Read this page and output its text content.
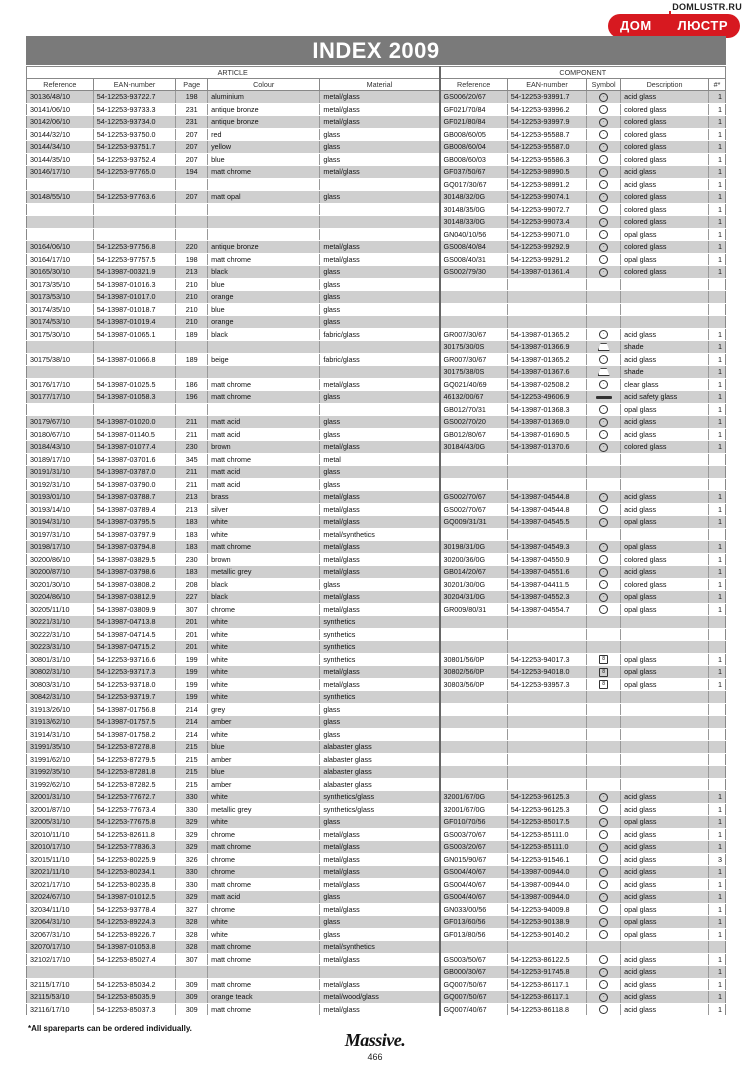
DOMLUSTR.RU
ДОМ ЛЮСТР
INDEX 2009
ARTICLE					COMPONENT				
Reference	EAN-number	Page	Colour	Material	Reference	EAN-number	Symbol	Description	#*
30136/48/10	54-12253-93722.7	198	aluminium	metal/glass	GS006/20/67	54-12253-93991.7	·	acid glass	1
30141/06/10	54-12253-93733.3	231	antique bronze	metal/glass	GF021/70/84	54-12253-93996.2	·	colored glass	1
30142/06/10	54-12253-93734.0	231	antique bronze	metal/glass	GF021/80/84	54-12253-93997.9	·	colored glass	1
30144/32/10	54-12253-93750.0	207	red	glass	GB008/60/05	54-12253-95588.7	·	colored glass	1
30144/34/10	54-12253-93751.7	207	yellow	glass	GB008/60/04	54-12253-95587.0	·	colored glass	1
30144/35/10	54-12253-93752.4	207	blue	glass	GB008/60/03	54-12253-95586.3	·	colored glass	1
30146/17/10	54-12253-97765.0	194	matt chrome	metal/glass	GF037/50/67	54-12253-98990.5	·	acid glass	1
					GQ017/30/67	54-12253-98991.2	·	acid glass	1
30148/55/10	54-12253-97763.6	207	matt opal	glass	30148/32/0G	54-12253-99074.1	·	colored glass	1
					30148/35/0G	54-12253-99072.7	·	colored glass	1
					30148/33/0G	54-12253-99073.4	·	colored glass	1
					GN040/10/56	54-12253-99071.0	·	opal glass	1
30164/06/10	54-12253-97756.8	220	antique bronze	metal/glass	GS008/40/84	54-12253-99292.9	·	colored glass	1
30164/17/10	54-12253-97757.5	198	matt chrome	metal/glass	GS008/40/31	54-12253-99291.2	·	opal glass	1
30165/30/10	54-13987-00321.9	213	black	glass	GS002/79/30	54-13987-01361.4	·	colored glass	1
30173/35/10	54-13987-01016.3	210	blue	glass					
30173/53/10	54-13987-01017.0	210	orange	glass					
30174/35/10	54-13987-01018.7	210	blue	glass					
30174/53/10	54-13987-01019.4	210	orange	glass					
30175/30/10	54-13987-01065.1	189	black	fabric/glass	GR007/30/67	54-13987-01365.2	·	acid glass	1
					30175/30/0S	54-13987-01366.9		shade	1
30175/38/10	54-13987-01066.8	189	beige	fabric/glass	GR007/30/67	54-13987-01365.2	·	acid glass	1
					30175/38/0S	54-13987-01367.6		shade	1
30176/17/10	54-13987-01025.5	186	matt chrome	metal/glass	GQ021/40/69	54-13987-02508.2	·	clear glass	1
30177/17/10	54-13987-01058.3	196	matt chrome	glass	46132/00/67	54-12253-49606.9		acid safety glass	1
					GB012/70/31	54-13987-01368.3	·	opal glass	1
30179/67/10	54-13987-01020.0	211	matt acid	glass	GS002/70/20	54-13987-01369.0	·	acid glass	1
30180/67/10	54-13987-01140.5	211	matt acid	glass	GB012/80/67	54-13987-01690.5	·	acid glass	1
30184/43/10	54-13987-01077.4	230	brown	metal/glass	30184/43/0G	54-13987-01370.6	·	colored glass	1
30189/17/10	54-13987-03701.6	345	matt chrome	metal					
30191/31/10	54-13987-03787.0	211	matt acid	glass					
30192/31/10	54-13987-03790.0	211	matt acid	glass					
30193/01/10	54-13987-03788.7	213	brass	metal/glass	GS002/70/67	54-13987-04544.8	·	acid glass	1
30193/14/10	54-13987-03789.4	213	silver	metal/glass	GS002/70/67	54-13987-04544.8	·	acid glass	1
30194/31/10	54-13987-03795.5	183	white	metal/glass	GQ009/31/31	54-13987-04545.5	·	opal glass	1
30197/31/10	54-13987-03797.9	183	white	metal/synthetics					
30198/17/10	54-13987-03794.8	183	matt chrome	metal/glass	30198/31/0G	54-13987-04549.3	·	opal glass	1
30200/86/10	54-13987-03829.5	230	brown	metal/glass	30200/36/0G	54-13987-04550.9	·	colored glass	1
30200/87/10	54-13987-03798.6	183	metallic grey	metal/glass	GB014/20/67	54-13987-04551.6	·	acid glass	1
30201/30/10	54-13987-03808.2	208	black	glass	30201/30/0G	54-13987-04411.5	·	colored glass	1
30204/86/10	54-13987-03812.9	227	black	metal/glass	30204/31/0G	54-13987-04552.3	·	opal glass	1
30205/11/10	54-13987-03809.9	307	chrome	metal/glass	GR009/80/31	54-13987-04554.7	·	opal glass	1
30221/31/10	54-13987-04713.8	201	white	synthetics					
30222/31/10	54-13987-04714.5	201	white	synthetics					
30223/31/10	54-13987-04715.2	201	white	synthetics					
30801/31/10	54-12253-93716.6	199	white	synthetics	30801/56/0P	54-12253-94017.3	8	opal glass	1
30802/31/10	54-12253-93717.3	199	white	metal/glass	30802/56/0P	54-12253-94018.0	8	opal glass	1
30803/31/10	54-12253-93718.0	199	white	metal/glass	30803/56/0P	54-12253-93957.3	8	opal glass	1
30842/31/10	54-12253-93719.7	199	white	synthetics					
31913/26/10	54-13987-01756.8	214	grey	glass					
31913/62/10	54-13987-01757.5	214	amber	glass					
31914/31/10	54-13987-01758.2	214	white	glass					
31991/35/10	54-12253-87278.8	215	blue	alabaster glass					
31991/62/10	54-12253-87279.5	215	amber	alabaster glass					
31992/35/10	54-12253-87281.8	215	blue	alabaster glass					
31992/62/10	54-12253-87282.5	215	amber	alabaster glass					
32001/31/10	54-12253-77672.7	330	white	synthetics/glass	32001/67/0G	54-12253-96125.3	·	acid glass	1
32001/87/10	54-12253-77673.4	330	metallic grey	synthetics/glass	32001/67/0G	54-12253-96125.3	·	acid glass	1
32005/31/10	54-12253-77675.8	329	white	glass	GF010/70/56	54-12253-85017.5	·	opal glass	1
32010/11/10	54-12253-82611.8	329	chrome	metal/glass	GS003/70/67	54-12253-85111.0	·	acid glass	1
32010/17/10	54-12253-77836.3	329	matt chrome	metal/glass	GS003/20/67	54-12253-85111.0	·	acid glass	1
32015/11/10	54-12253-80225.9	326	chrome	metal/glass	GN015/90/67	54-12253-91546.1	·	acid glass	3
32021/11/10	54-12253-80234.1	330	chrome	metal/glass	GS004/40/67	54-13987-00944.0	·	acid glass	1
32021/17/10	54-12253-80235.8	330	matt chrome	metal/glass	GS004/40/67	54-13987-00944.0	·	acid glass	1
32024/67/10	54-13987-01012.5	329	matt acid	glass	GS004/40/67	54-13987-00944.0	·	acid glass	1
32034/11/10	54-12253-93778.4	327	chrome	metal/glass	GN033/00/56	54-12253-94009.8	·	opal glass	1
32064/31/10	54-12253-89224.3	328	white	glass	GF013/60/56	54-12253-90138.9	·	opal glass	1
32067/31/10	54-12253-89226.7	328	white	glass	GF013/80/56	54-12253-90140.2	·	opal glass	1
32070/17/10	54-13987-01053.8	328	matt chrome	metal/synthetics					
32102/17/10	54-12253-85027.4	307	matt chrome	metal/glass	GS003/50/67	54-12253-86122.5	·	acid glass	1
					GB000/30/67	54-12253-91745.8	·	acid glass	1
32115/17/10	54-12253-85034.2	309	matt chrome	metal/glass	GQ007/50/67	54-12253-86117.1	·	acid glass	1
32115/53/10	54-12253-85035.9	309	orange teack	metal/wood/glass	GQ007/50/67	54-12253-86117.1	·	acid glass	1
32116/17/10	54-12253-85037.3	309	matt chrome	metal/glass	GQ007/40/67	54-12253-86118.8	·	acid glass	1
*All spareparts can be ordered individually.
Massive.
466
